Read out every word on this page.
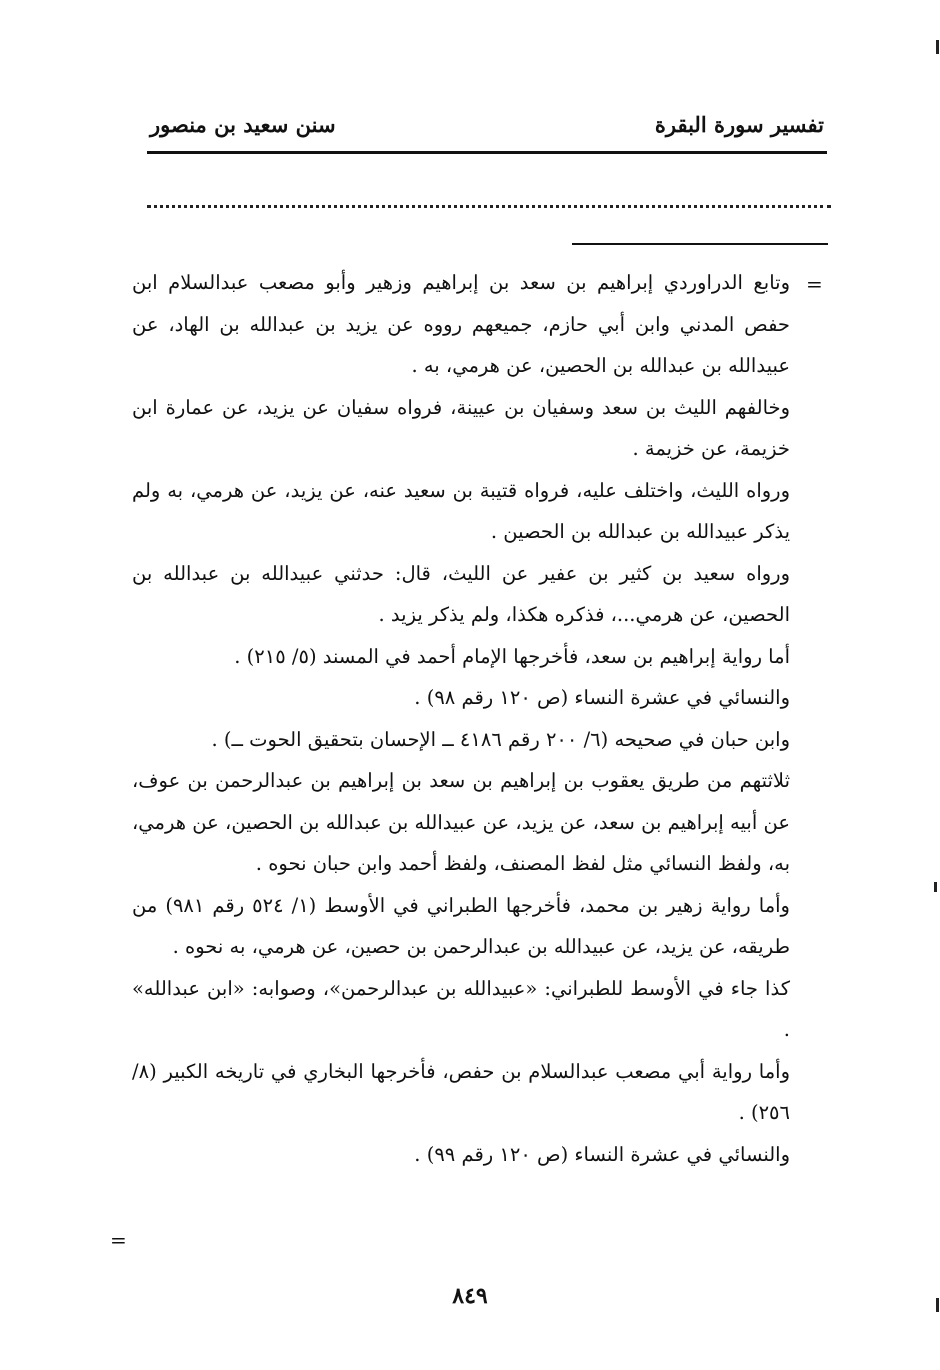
تفسير سورة البقرة
سنن سعيد بن منصور
=
وتابع الدراوردي إبراهيم بن سعد بن إبراهيم وزهير وأبو مصعب عبدالسلام ابن حفص المدني وابن أبي حازم، جميعهم رووه عن يزيد بن عبدالله بن الهاد، عن عبيدالله بن عبدالله بن الحصين، عن هرمي، به .
وخالفهم الليث بن سعد وسفيان بن عيينة، فرواه سفيان عن يزيد، عن عمارة ابن خزيمة، عن خزيمة .
ورواه الليث، واختلف عليه، فرواه قتيبة بن سعيد عنه، عن يزيد، عن هرمي، به ولم يذكر عبيدالله بن عبدالله بن الحصين .
ورواه سعيد بن كثير بن عفير عن الليث، قال: حدثني عبيدالله بن عبدالله بن الحصين، عن هرمي...، فذكره هكذا، ولم يذكر يزيد .
أما رواية إبراهيم بن سعد، فأخرجها الإمام أحمد في المسند (٥/ ٢١٥) .
والنسائي في عشرة النساء (ص ١٢٠ رقم ٩٨) .
وابن حبان في صحيحه (٦/ ٢٠٠ رقم ٤١٨٦ ــ الإحسان بتحقيق الحوت ــ) .
ثلاثتهم من طريق يعقوب بن إبراهيم بن سعد بن إبراهيم بن عبدالرحمن بن عوف، عن أبيه إبراهيم بن سعد، عن يزيد، عن عبيدالله بن عبدالله بن الحصين، عن هرمي، به، ولفظ النسائي مثل لفظ المصنف، ولفظ أحمد وابن حبان نحوه .
وأما رواية زهير بن محمد، فأخرجها الطبراني في الأوسط (١/ ٥٢٤ رقم ٩٨١) من طريقه، عن يزيد، عن عبيدالله بن عبدالرحمن بن حصين، عن هرمي، به نحوه .
كذا جاء في الأوسط للطبراني: «عبيدالله بن عبدالرحمن»، وصوابه: «ابن عبدالله» .
وأما رواية أبي مصعب عبدالسلام بن حفص، فأخرجها البخاري في تاريخه الكبير (٨/ ٢٥٦) .
والنسائي في عشرة النساء (ص ١٢٠ رقم ٩٩) .
=
٨٤٩
